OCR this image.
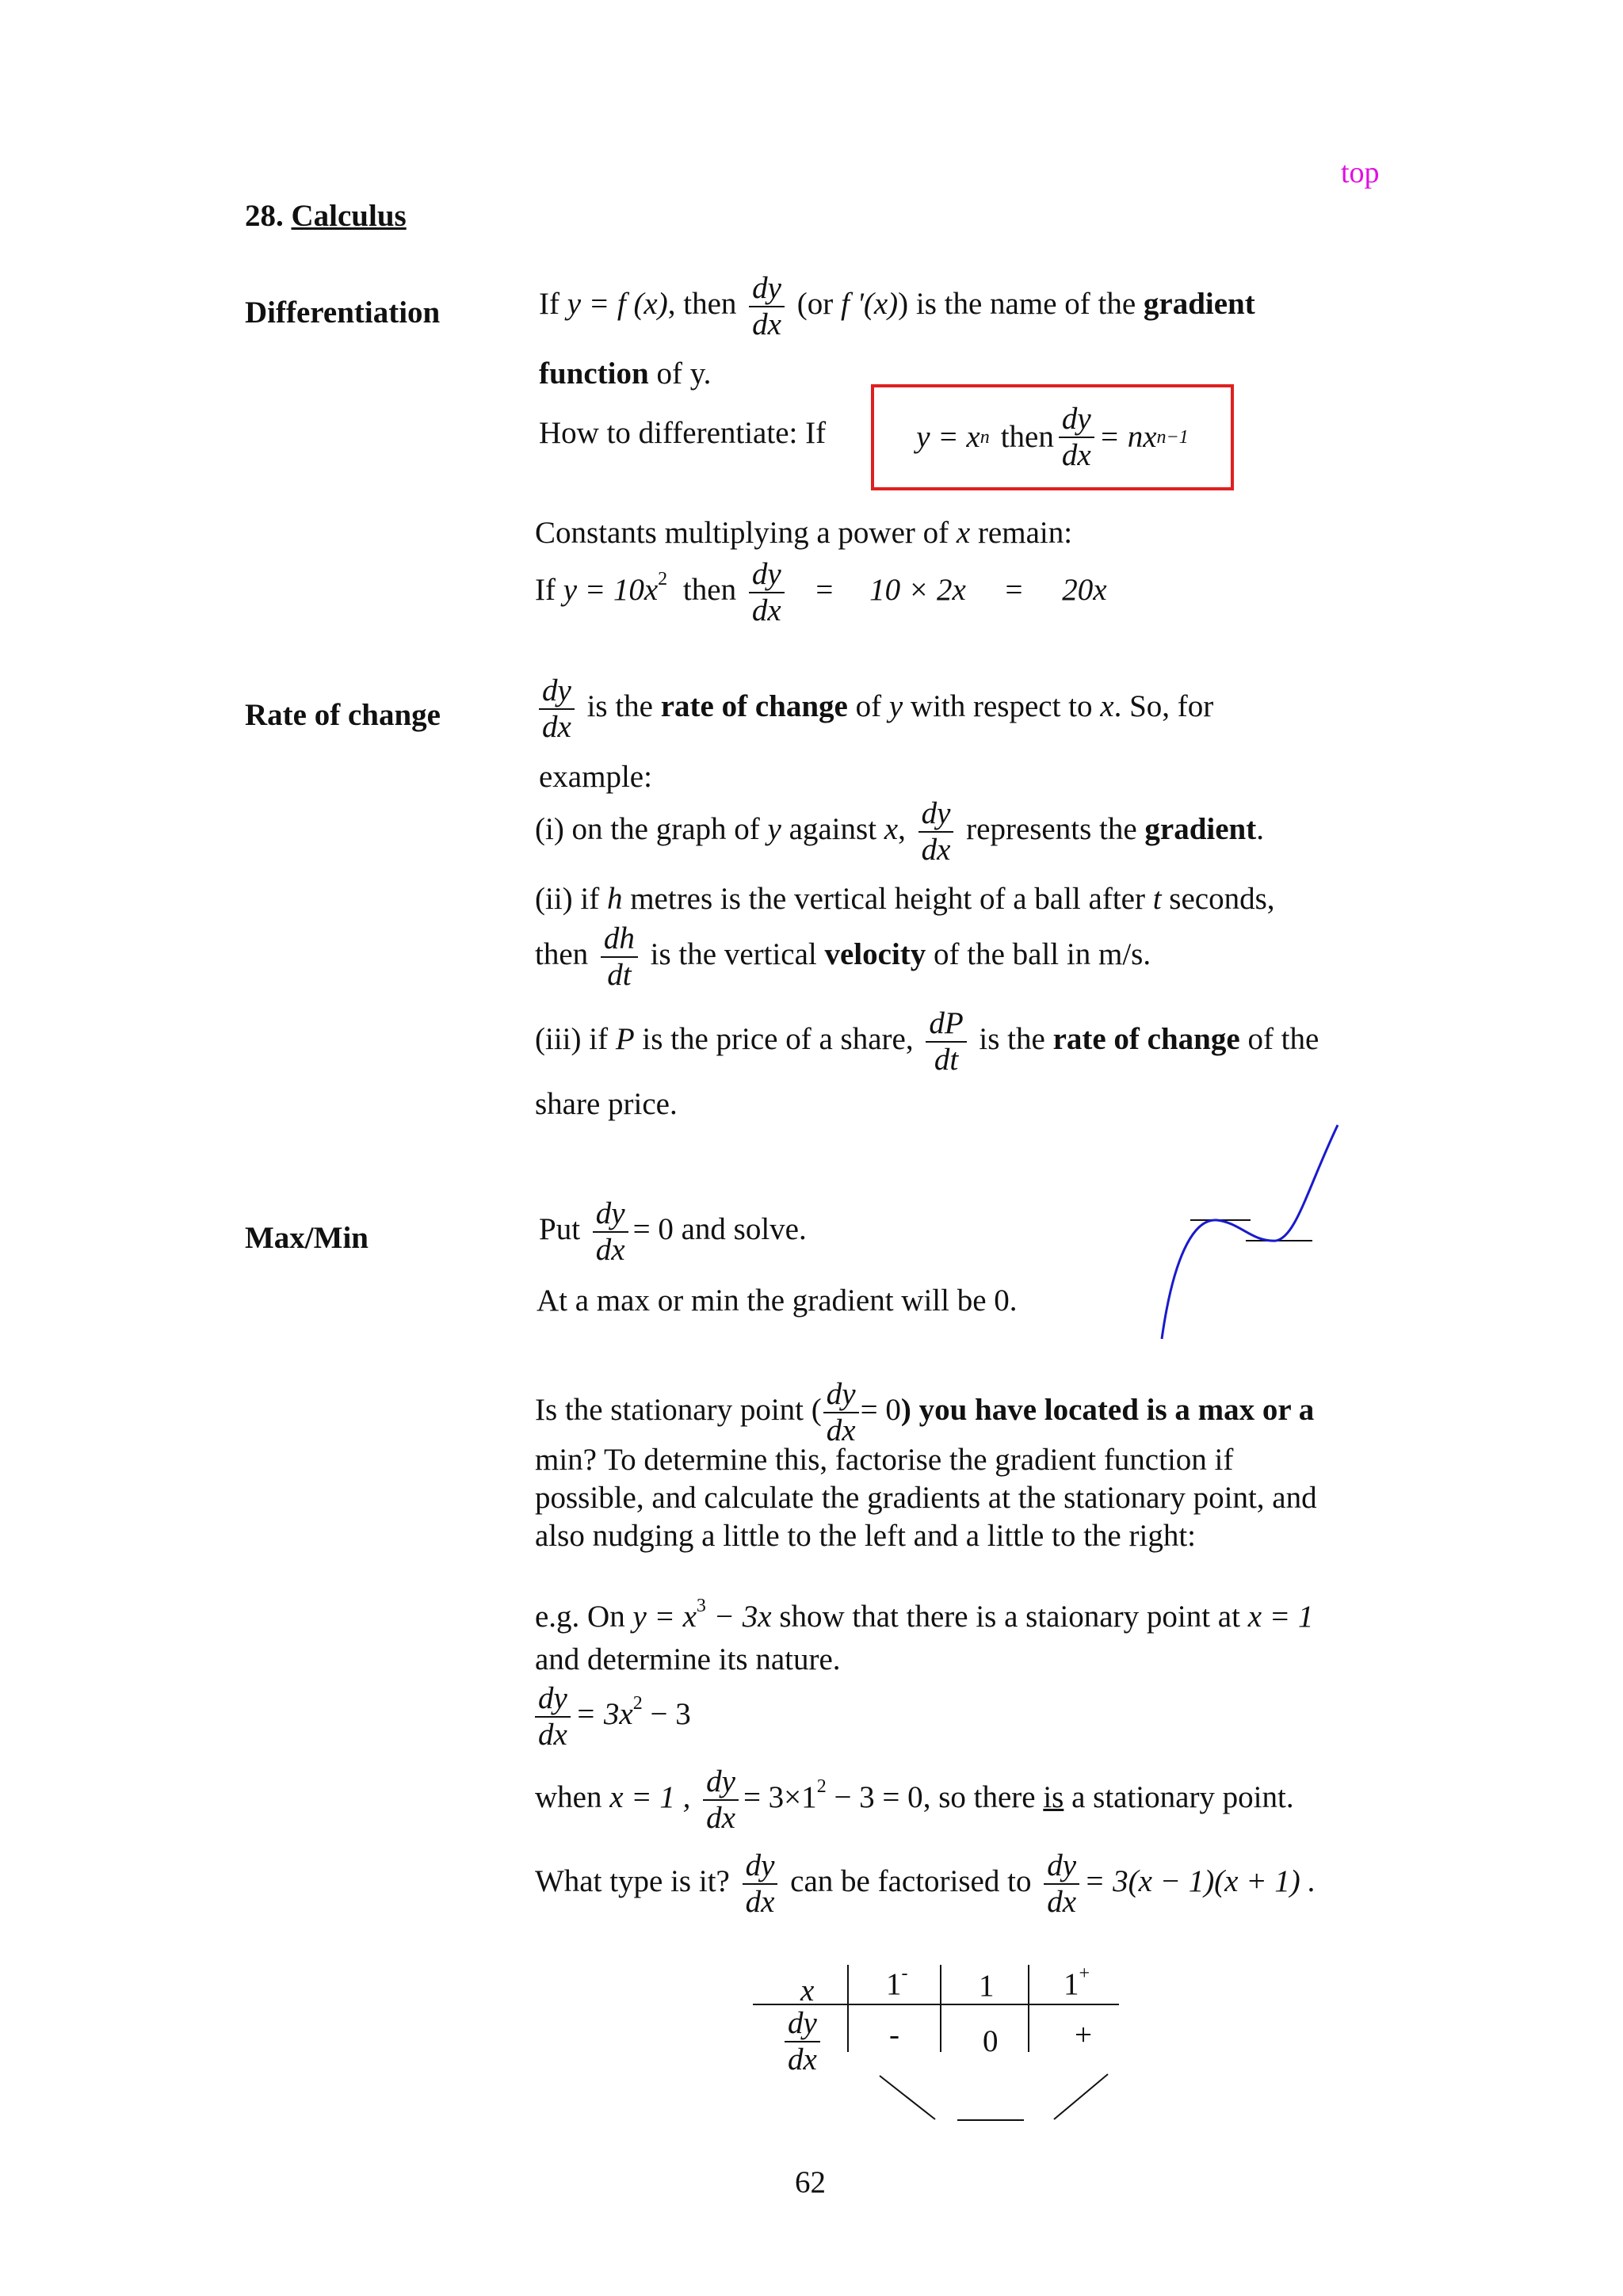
top
28. Calculus
Differentiation	If y = f (x), then $\frac{dy}{dx} (or$ f '(x)) is the name of the gradient
function of y.
How to differentiate: If	y = x n then $\frac{dy}{dx}$ = nx n−1
Constants multiplying a power of x remain:
If $y = 10x^2$ then $\frac{dy}{dx} = 10 \times 2x = 20x$
Rate of change	$\frac{dy}{dx}$ is the rate of change of y with respect to x. So, for
example:
(i) on the graph of y against x, $\frac{dy}{dx}$ represents the gradient.
(ii) if h metres is the vertical height of a ball after t seconds,
then $\frac{dh}{dt}$ is the vertical velocity of the ball in m/s.
(iii) if P is the price of a share, $\frac{dP}{dt}$ is the rate of change of the
share price.
Max/Min	Put $\frac{dy}{dx} = 0$ and solve.
At a max or min the gradient will be 0.
Is the stationary point ( $\frac{dy}{dx} = 0$) you have located is a max or a
min? To determine this, factorise the gradient function if
possible, and calculate the gradients at the stationary point, and
also nudging a little to the left and a little to the right:
e.g. On $y = x^3 - 3x$ show that there is a staionary point at x = 1
and determine its nature.
$\frac{dy}{dx} = 3x^2 - 3$
when x = 1 , $\frac{dy}{dx} = 3\times 1^2 - 3 = 0$, so there is a stationary point.
What type is it? $\frac{dy}{dx}$ can be factorised to $\frac{dy}{dx} = 3(x - 1)(x + 1)$ .
x 1- 1 1+
$\frac{dy}{dx}$ -	0 +
62
